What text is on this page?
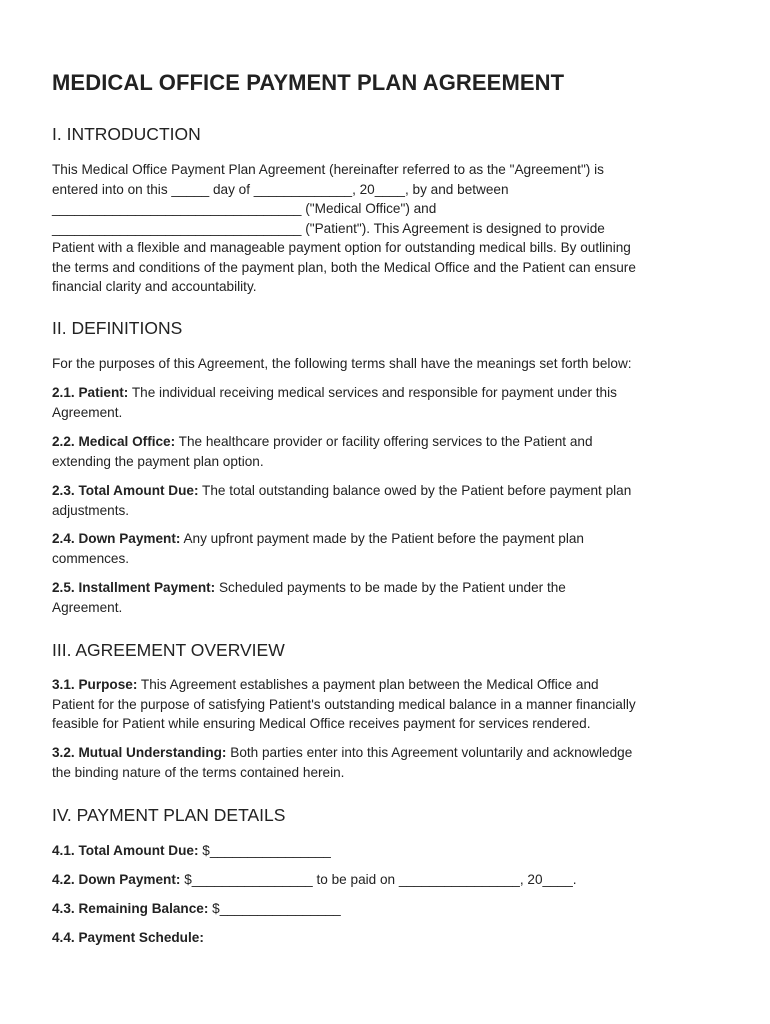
MEDICAL OFFICE PAYMENT PLAN AGREEMENT
I. INTRODUCTION

This Medical Office Payment Plan Agreement (hereinafter referred to as the "Agreement") is
entered into on this _____ day of _____________, 20____, by and between
_________________________________ ("Medical Office") and
_________________________________ ("Patient"). This Agreement is designed to provide
Patient with a flexible and manageable payment option for outstanding medical bills. By outlining
the terms and conditions of the payment plan, both the Medical Office and the Patient can ensure
financial clarity and accountability.

II. DEFINITIONS

For the purposes of this Agreement, the following terms shall have the meanings set forth below:

2.1. Patient: The individual receiving medical services and responsible for payment under this
Agreement.

2.2. Medical Office: The healthcare provider or facility offering services to the Patient and
extending the payment plan option.

2.3. Total Amount Due: The total outstanding balance owed by the Patient before payment plan
adjustments.

2.4. Down Payment: Any upfront payment made by the Patient before the payment plan
commences.

2.5. Installment Payment: Scheduled payments to be made by the Patient under the
Agreement.

III. AGREEMENT OVERVIEW

3.1. Purpose: This Agreement establishes a payment plan between the Medical Office and
Patient for the purpose of satisfying Patient's outstanding medical balance in a manner financially
feasible for Patient while ensuring Medical Office receives payment for services rendered.

3.2. Mutual Understanding: Both parties enter into this Agreement voluntarily and acknowledge
the binding nature of the terms contained herein.

IV. PAYMENT PLAN DETAILS

4.1. Total Amount Due: $________________

4.2. Down Payment: $________________ to be paid on ________________, 20____.

4.3. Remaining Balance: $________________

4.4. Payment Schedule:
